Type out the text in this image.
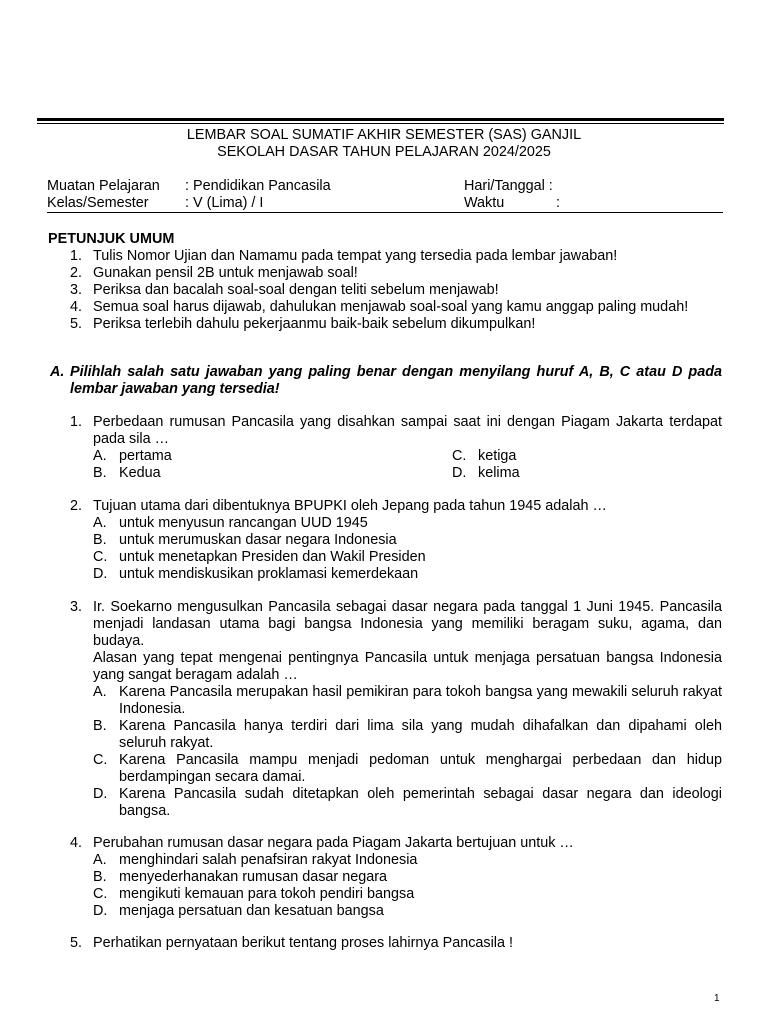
LEMBAR SOAL SUMATIF AKHIR SEMESTER (SAS) GANJIL
SEKOLAH DASAR TAHUN PELAJARAN 2024/2025
Muatan Pelajaran : Pendidikan Pancasila	Hari/Tanggal :
Kelas/Semester	: V (Lima) / I	Waktu	:
PETUNJUK UMUM
1. Tulis Nomor Ujian dan Namamu pada tempat yang tersedia pada lembar jawaban!
2. Gunakan pensil 2B untuk menjawab soal!
3. Periksa dan bacalah soal-soal dengan teliti sebelum menjawab!
4. Semua soal harus dijawab, dahulukan menjawab soal-soal yang kamu anggap paling mudah!
5. Periksa terlebih dahulu pekerjaanmu baik-baik sebelum dikumpulkan!
A. Pilihlah salah satu jawaban yang paling benar dengan menyilang huruf A, B, C atau D pada lembar jawaban yang tersedia!
1. Perbedaan rumusan Pancasila yang disahkan sampai saat ini dengan Piagam Jakarta terdapat pada sila …
A. pertama
B. Kedua
C. ketiga
D. kelima
2. Tujuan utama dari dibentuknya BPUPKI oleh Jepang pada tahun 1945 adalah …
A. untuk menyusun rancangan UUD 1945
B. untuk merumuskan dasar negara Indonesia
C. untuk menetapkan Presiden dan Wakil Presiden
D. untuk mendiskusikan proklamasi kemerdekaan
3. Ir. Soekarno mengusulkan Pancasila sebagai dasar negara pada tanggal 1 Juni 1945. Pancasila menjadi landasan utama bagi bangsa Indonesia yang memiliki beragam suku, agama, dan budaya.
Alasan yang tepat mengenai pentingnya Pancasila untuk menjaga persatuan bangsa Indonesia yang sangat beragam adalah …
A. Karena Pancasila merupakan hasil pemikiran para tokoh bangsa yang mewakili seluruh rakyat Indonesia.
B. Karena Pancasila hanya terdiri dari lima sila yang mudah dihafalkan dan dipahami oleh seluruh rakyat.
C. Karena Pancasila mampu menjadi pedoman untuk menghargai perbedaan dan hidup berdampingan secara damai.
D. Karena Pancasila sudah ditetapkan oleh pemerintah sebagai dasar negara dan ideologi bangsa.
4. Perubahan rumusan dasar negara pada Piagam Jakarta bertujuan untuk …
A. menghindari salah penafsiran rakyat Indonesia
B. menyederhanakan rumusan dasar negara
C. mengikuti kemauan para tokoh pendiri bangsa
D. menjaga persatuan dan kesatuan bangsa
5. Perhatikan pernyataan berikut tentang proses lahirnya Pancasila !
1
